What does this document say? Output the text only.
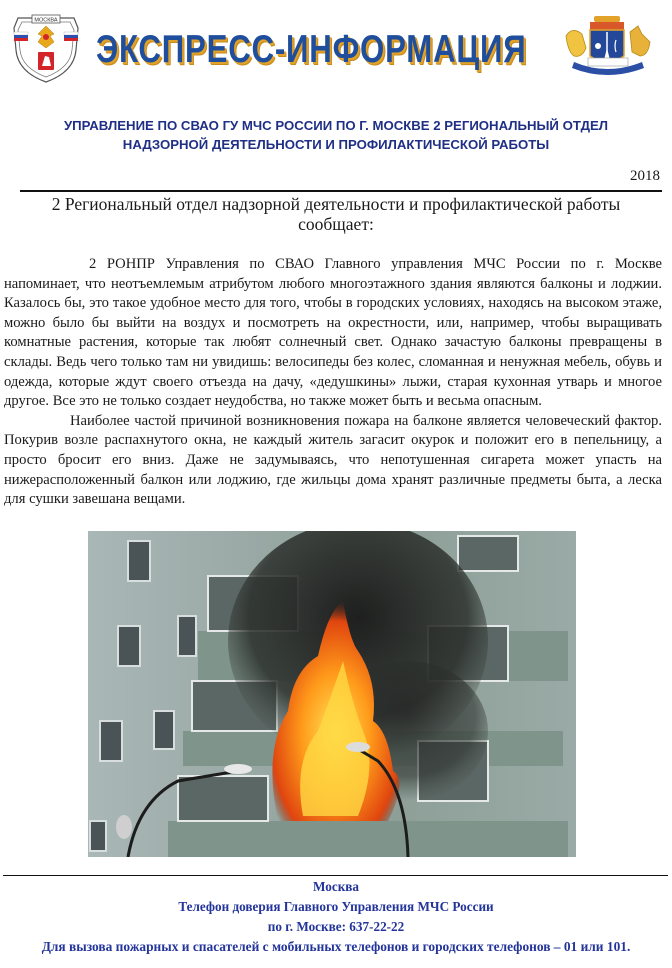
МОСКВА
ЭКСПРЕСС-ИНФОРМАЦИЯ
УПРАВЛЕНИЕ ПО СВАО ГУ МЧС РОССИИ ПО Г. МОСКВЕ 2 РЕГИОНАЛЬНЫЙ ОТДЕЛ
НАДЗОРНОЙ ДЕЯТЕЛЬНОСТИ И ПРОФИЛАКТИЧЕСКОЙ РАБОТЫ
2018
2 Региональный отдел надзорной деятельности и профилактической работы
сообщает:

2 РОНПР Управления по СВАО Главного управления МЧС России по г. Москве напоминает, что неотъемлемым атрибутом любого многоэтажного здания являются балконы и лоджии. Казалось бы, это такое удобное место для того, чтобы в городских условиях, находясь на высоком этаже, можно было бы выйти на воздух и посмотреть на окрестности, или, например, чтобы выращивать комнатные растения, которые так любят солнечный свет. Однако зачастую балконы превращены в склады. Ведь чего только там ни увидишь: велосипеды без колес, сломанная и ненужная мебель, обувь и одежда, которые ждут своего отъезда на дачу, «дедушкины» лыжи, старая кухонная утварь и многое другое. Все это не только создает неудобства, но также может быть и весьма опасным.

Наиболее частой причиной возникновения пожара на балконе является человеческий фактор. Покурив возле распахнутого окна, не каждый житель загасит окурок и положит его в пепельницу, а просто бросит его вниз. Даже не задумываясь, что непотушенная сигарета может упасть на нижерасположенный балкон или лоджию, где жильцы дома хранят различные предметы быта, а леска для сушки завешана вещами.

Москва
Телефон доверия Главного Управления МЧС России
по г. Москве: 637-22-22
Для вызова пожарных и спасателей с мобильных телефонов и городских телефонов – 01 или 101.
